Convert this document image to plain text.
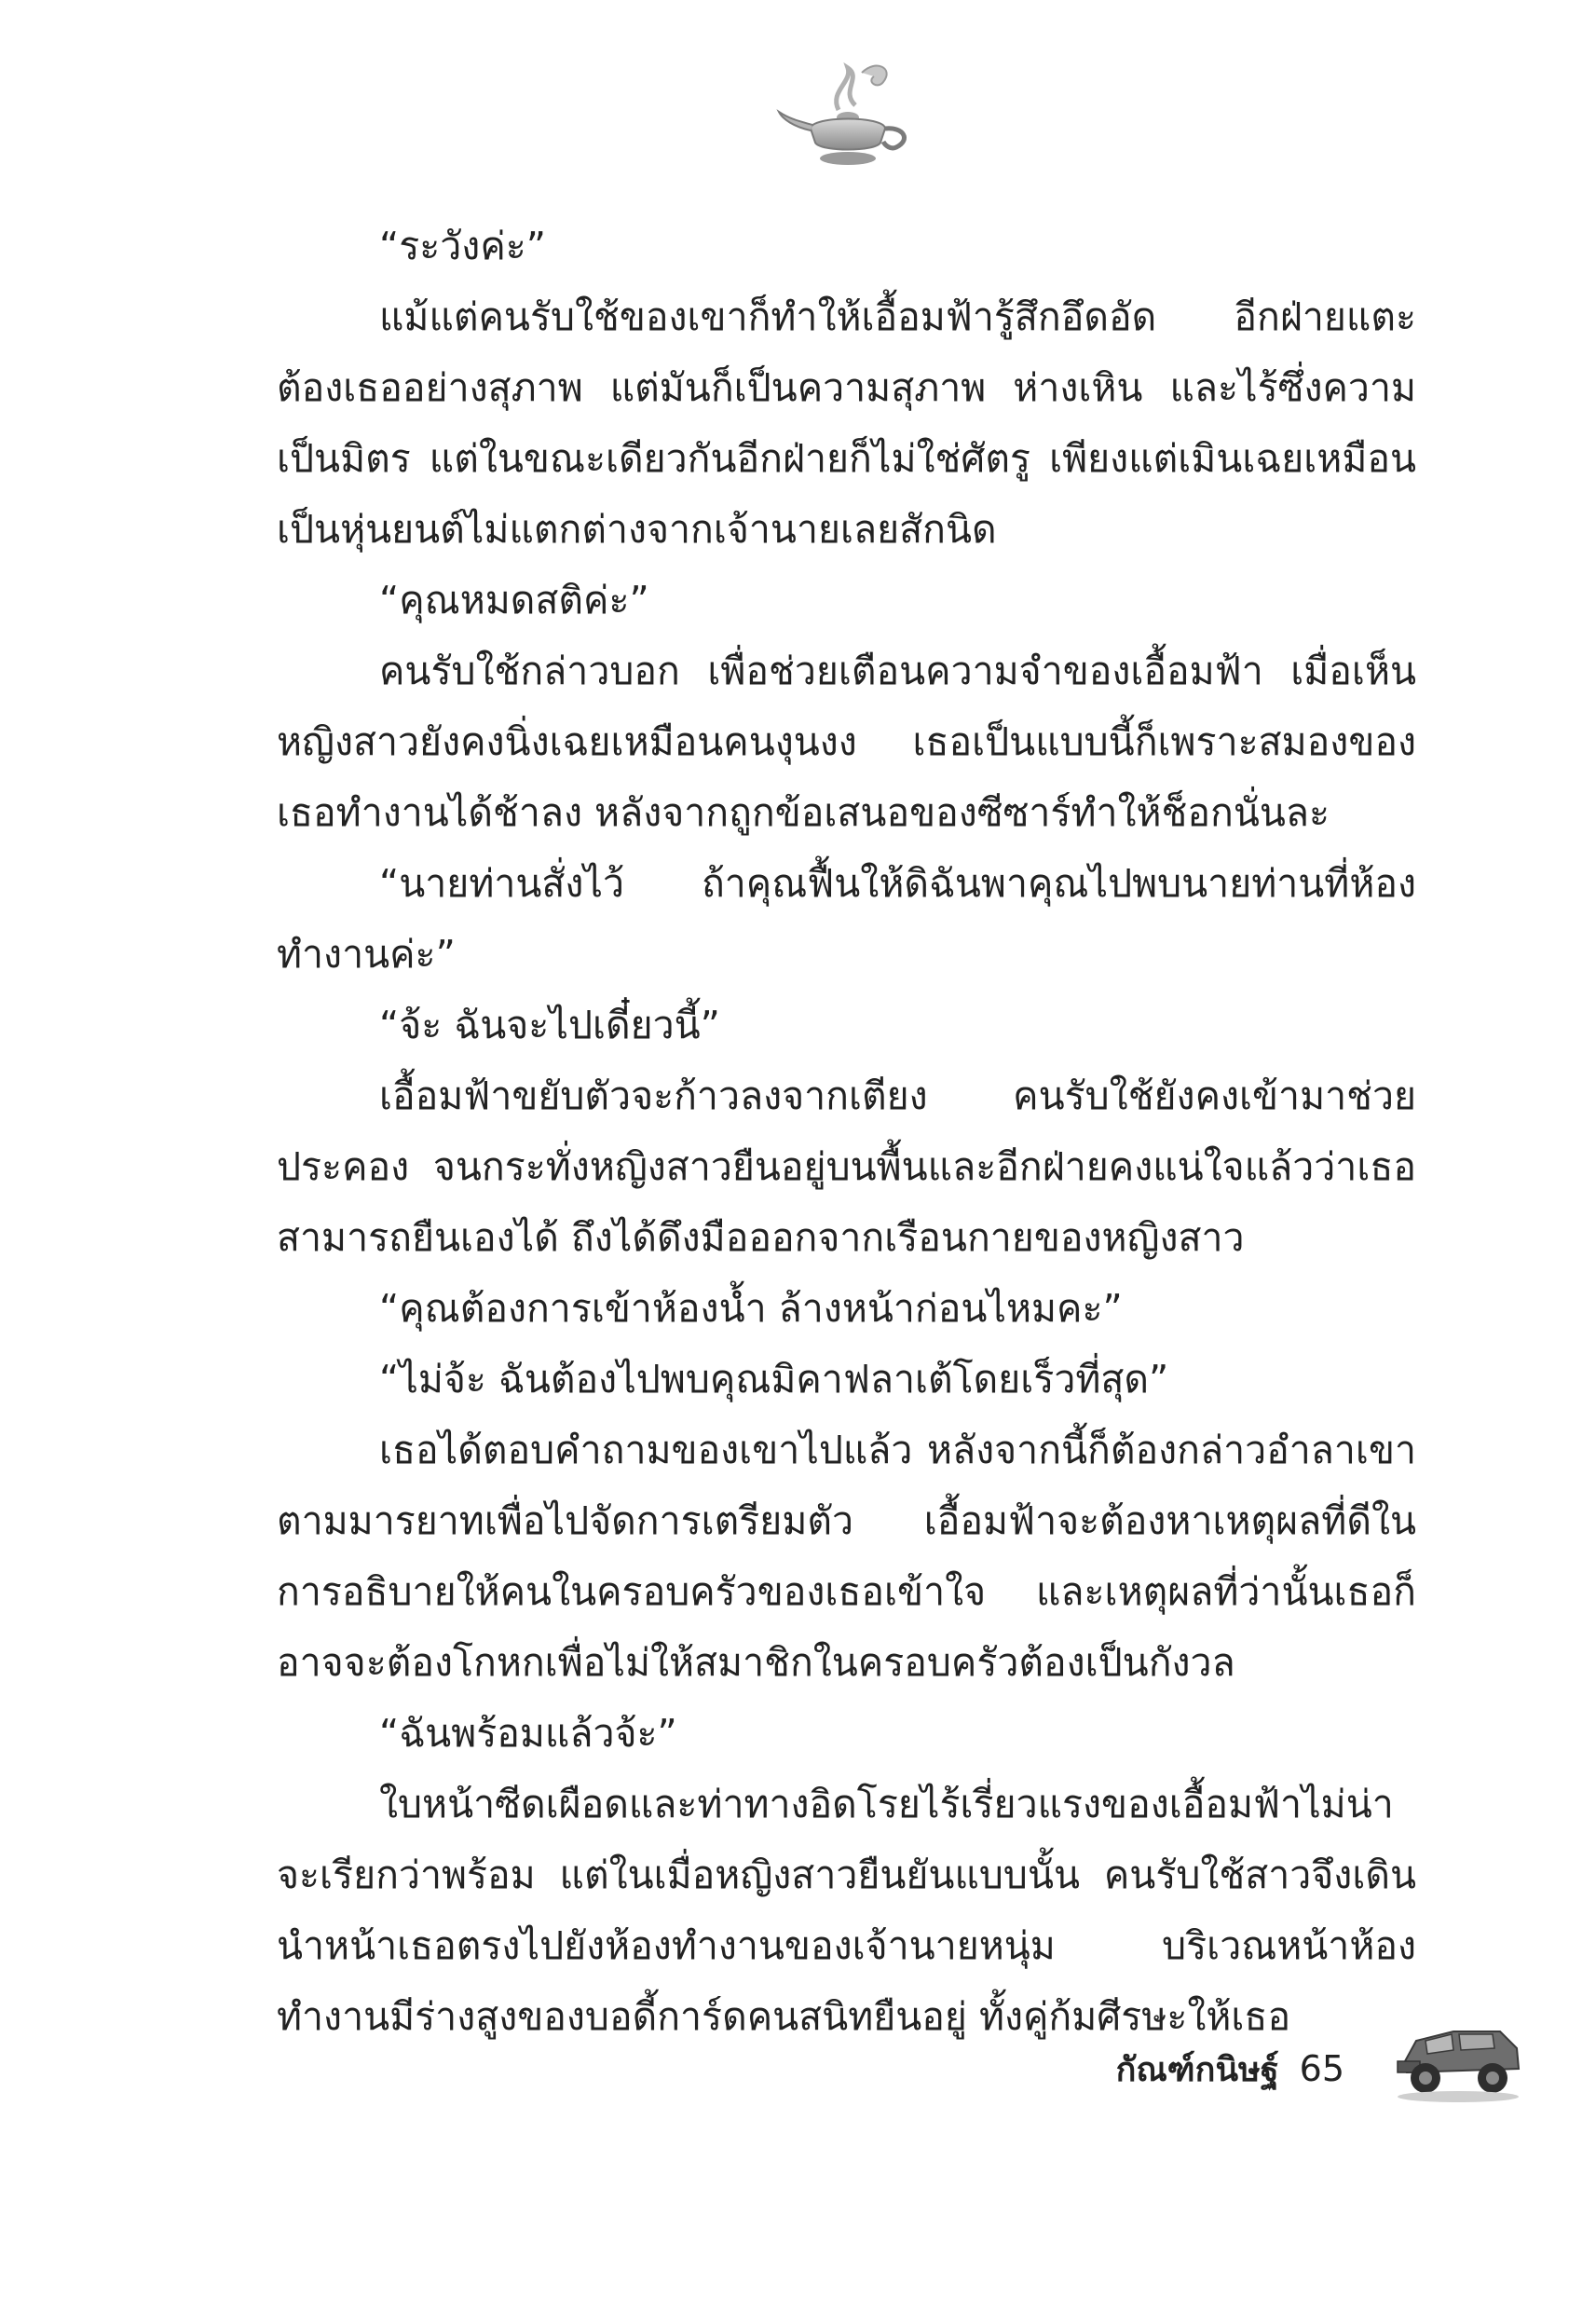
“ระวังค่ะ”

แม้แต่คนรับใช้ของเขาก็ทำให้เอื้อมฟ้ารู้สึกอึดอัด อีกฝ่ายแตะต้องเธออย่างสุภาพ แต่มันก็เป็นความสุภาพ ห่างเหิน และไร้ซึ่งความเป็นมิตร แต่ในขณะเดียวกันอีกฝ่ายก็ไม่ใช่ศัตรู เพียงแต่เมินเฉยเหมือนเป็นหุ่นยนต์ไม่แตกต่างจากเจ้านายเลยสักนิด

“คุณหมดสติค่ะ”

คนรับใช้กล่าวบอก เพื่อช่วยเตือนความจำของเอื้อมฟ้า เมื่อเห็นหญิงสาวยังคงนิ่งเฉยเหมือนคนงุนงง เธอเป็นแบบนี้ก็เพราะสมองของเธอทำงานได้ช้าลง หลังจากถูกข้อเสนอของซีซาร์ทำให้ช็อกนั่นละ

“นายท่านสั่งไว้ ถ้าคุณฟื้นให้ดิฉันพาคุณไปพบนายท่านที่ห้องทำงานค่ะ”

“จ้ะ ฉันจะไปเดี๋ยวนี้”

เอื้อมฟ้าขยับตัวจะก้าวลงจากเตียง คนรับใช้ยังคงเข้ามาช่วยประคอง จนกระทั่งหญิงสาวยืนอยู่บนพื้นและอีกฝ่ายคงแน่ใจแล้วว่าเธอสามารถยืนเองได้ ถึงได้ดึงมือออกจากเรือนกายของหญิงสาว

“คุณต้องการเข้าห้องน้ำ ล้างหน้าก่อนไหมคะ”

“ไม่จ้ะ ฉันต้องไปพบคุณมิคาฟลาเต้โดยเร็วที่สุด”

เธอได้ตอบคำถามของเขาไปแล้ว หลังจากนี้ก็ต้องกล่าวอำลาเขาตามมารยาทเพื่อไปจัดการเตรียมตัว เอื้อมฟ้าจะต้องหาเหตุผลที่ดีในการอธิบายให้คนในครอบครัวของเธอเข้าใจ และเหตุผลที่ว่านั้นเธอก็อาจจะต้องโกหกเพื่อไม่ให้สมาชิกในครอบครัวต้องเป็นกังวล

“ฉันพร้อมแล้วจ้ะ”

ใบหน้าซีดเผือดและท่าทางอิดโรยไร้เรี่ยวแรงของเอื้อมฟ้าไม่น่าจะเรียกว่าพร้อม แต่ในเมื่อหญิงสาวยืนยันแบบนั้น คนรับใช้สาวจึงเดินนำหน้าเธอตรงไปยังห้องทำงานของเจ้านายหนุ่ม บริเวณหน้าห้องทำงานมีร่างสูงของบอดี้การ์ดคนสนิทยืนอยู่ ทั้งคู่ก้มศีรษะให้เธอ

กัณฑ์กนิษฐ์ 65
